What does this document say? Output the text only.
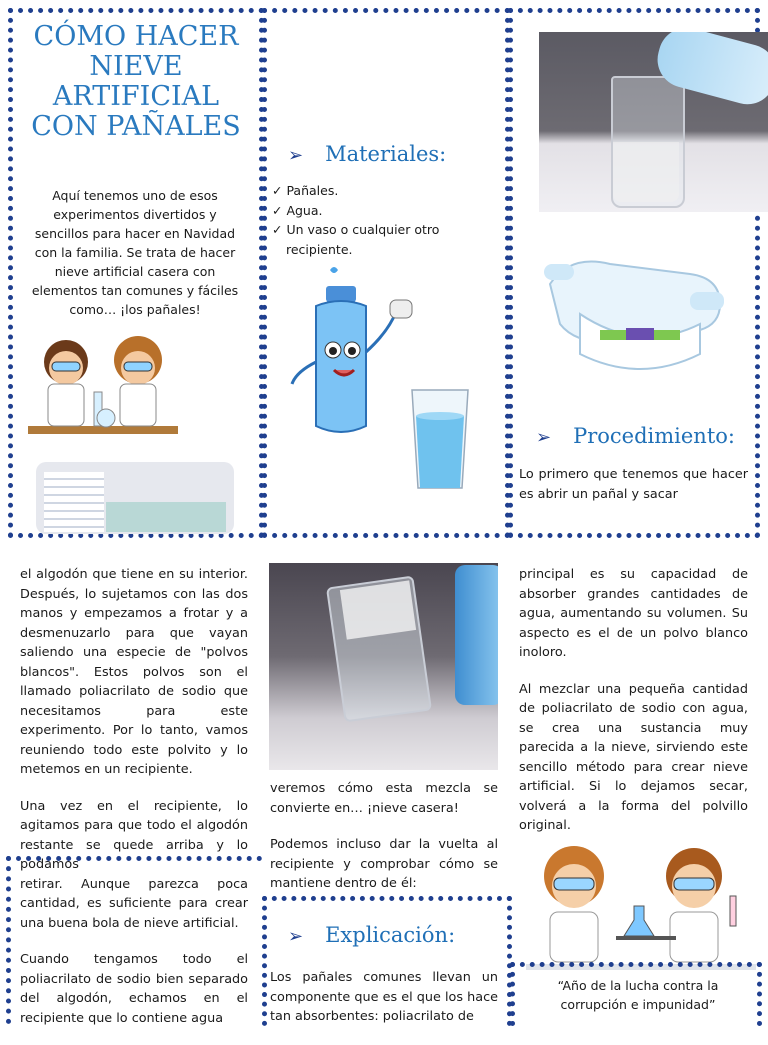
CÓMO HACER NIEVE ARTIFICIAL CON PAÑALES
Aquí tenemos uno de esos experimentos divertidos y sencillos para hacer en Navidad con la familia. Se trata de hacer nieve artificial casera con elementos tan comunes y fáciles como… ¡los pañales!
➢ Materiales:
✓ Pañales.
✓ Agua.
✓ Un vaso o cualquier otro recipiente.
➢ Procedimiento:
Lo primero que tenemos que hacer es abrir un pañal y sacar

el algodón que tiene en su interior. Después, lo sujetamos con las dos manos y empezamos a frotar y a desmenuzarlo para que vayan saliendo una especie de "polvos blancos". Estos polvos son el llamado poliacrilato de sodio que necesitamos para este experimento. Por lo tanto, vamos reuniendo todo este polvito y lo metemos en un recipiente.

Una vez en el recipiente, lo agitamos para que todo el algodón restante se quede arriba y lo podamos

retirar. Aunque parezca poca cantidad, es suficiente para crear una buena bola de nieve artificial.

Cuando tengamos todo el poliacrilato de sodio bien separado del algodón, echamos en el recipiente que lo contiene agua

veremos cómo esta mezcla se convierte en… ¡nieve casera!

Podemos incluso dar la vuelta al recipiente y comprobar cómo se mantiene dentro de él:

➢ Explicación:
Los pañales comunes llevan un componente que es el que los hace tan absorbentes: poliacrilato de

principal es su capacidad de absorber grandes cantidades de agua, aumentando su volumen. Su aspecto es el de un polvo blanco inoloro.

Al mezclar una pequeña cantidad de poliacrilato de sodio con agua, se crea una sustancia muy parecida a la nieve, sirviendo este sencillo método para crear nieve artificial. Si lo dejamos secar, volverá a la forma del polvillo original.

“Año de la lucha contra la corrupción e impunidad”
